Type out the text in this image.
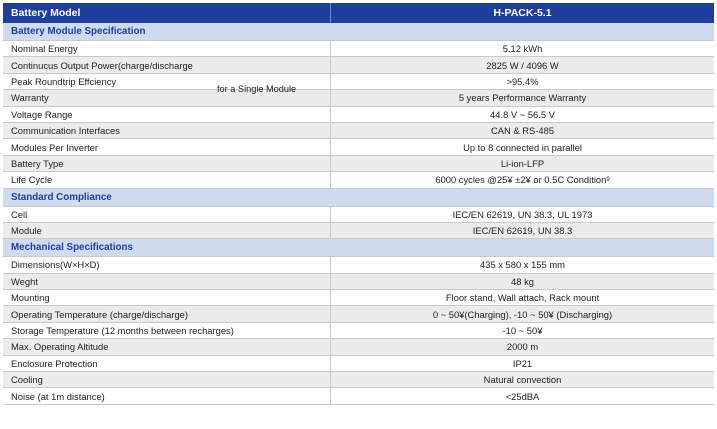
Battery Model	H-PACK-5.1
Battery Module Specification
Nominal Energy	5.12 kWh
Continucus Output Power(charge/discharge	2825 W / 4096 W
Peak Roundtrip Effciency	>95.4%
Warranty	5 years Performance Warranty
Voltage Range	44.8 V ~ 56.5 V
Communication Interfaces	CAN & RS-485
Modules Per Inverter	Up to 8 connected in parallel
Battery Type	Li-ion-LFP
Life Cycle	6000 cycles @25¥ ±2¥ or 0.5C Condition 9
Standard Compliance
Cell	IEC/EN 62619, UN 38.3, UL 1973
Module	IEC/EN 62619, UN 38.3
Mechanical Specifications
Dimensions(W×H×D)	435 x 580 x 155 mm
Weght	48 kg
Mounting	Floor stand, Wall attach, Rack mount
Operating Temperature (charge/discharge)	0 ~ 50¥(Charging), -10 ~ 50¥ (Discharging)
Storage Temperature (12 months between recharges)	-10 ~ 50¥
Max. Operating Altitude	2000 m
Enclosure Protection	IP21
Cooling	Natural convection
Noise (at 1m distance)	<25dBA
for a Single Module
